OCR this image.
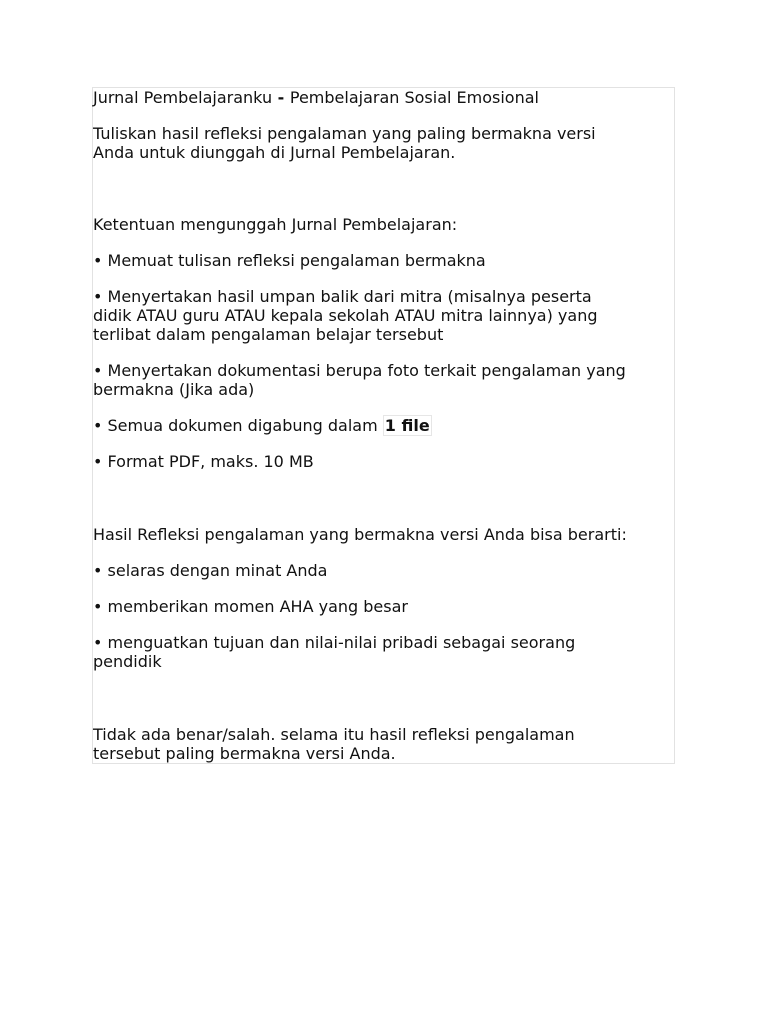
Jurnal Pembelajaranku - Pembelajaran Sosial Emosional

Tuliskan hasil refleksi pengalaman yang paling bermakna versi

Anda untuk diunggah di Jurnal Pembelajaran.

Ketentuan mengunggah Jurnal Pembelajaran:

• Memuat tulisan refleksi pengalaman bermakna

• Menyertakan hasil umpan balik dari mitra (misalnya peserta

didik ATAU guru ATAU kepala sekolah ATAU mitra lainnya) yang

terlibat dalam pengalaman belajar tersebut

• Menyertakan dokumentasi berupa foto terkait pengalaman yang

bermakna (Jika ada)

• Semua dokumen digabung dalam 1 file

• Format PDF, maks. 10 MB

Hasil Refleksi pengalaman yang bermakna versi Anda bisa berarti:

• selaras dengan minat Anda

• memberikan momen AHA yang besar

• menguatkan tujuan dan nilai-nilai pribadi sebagai seorang

pendidik

Tidak ada benar/salah. selama itu hasil refleksi pengalaman

tersebut paling bermakna versi Anda.
